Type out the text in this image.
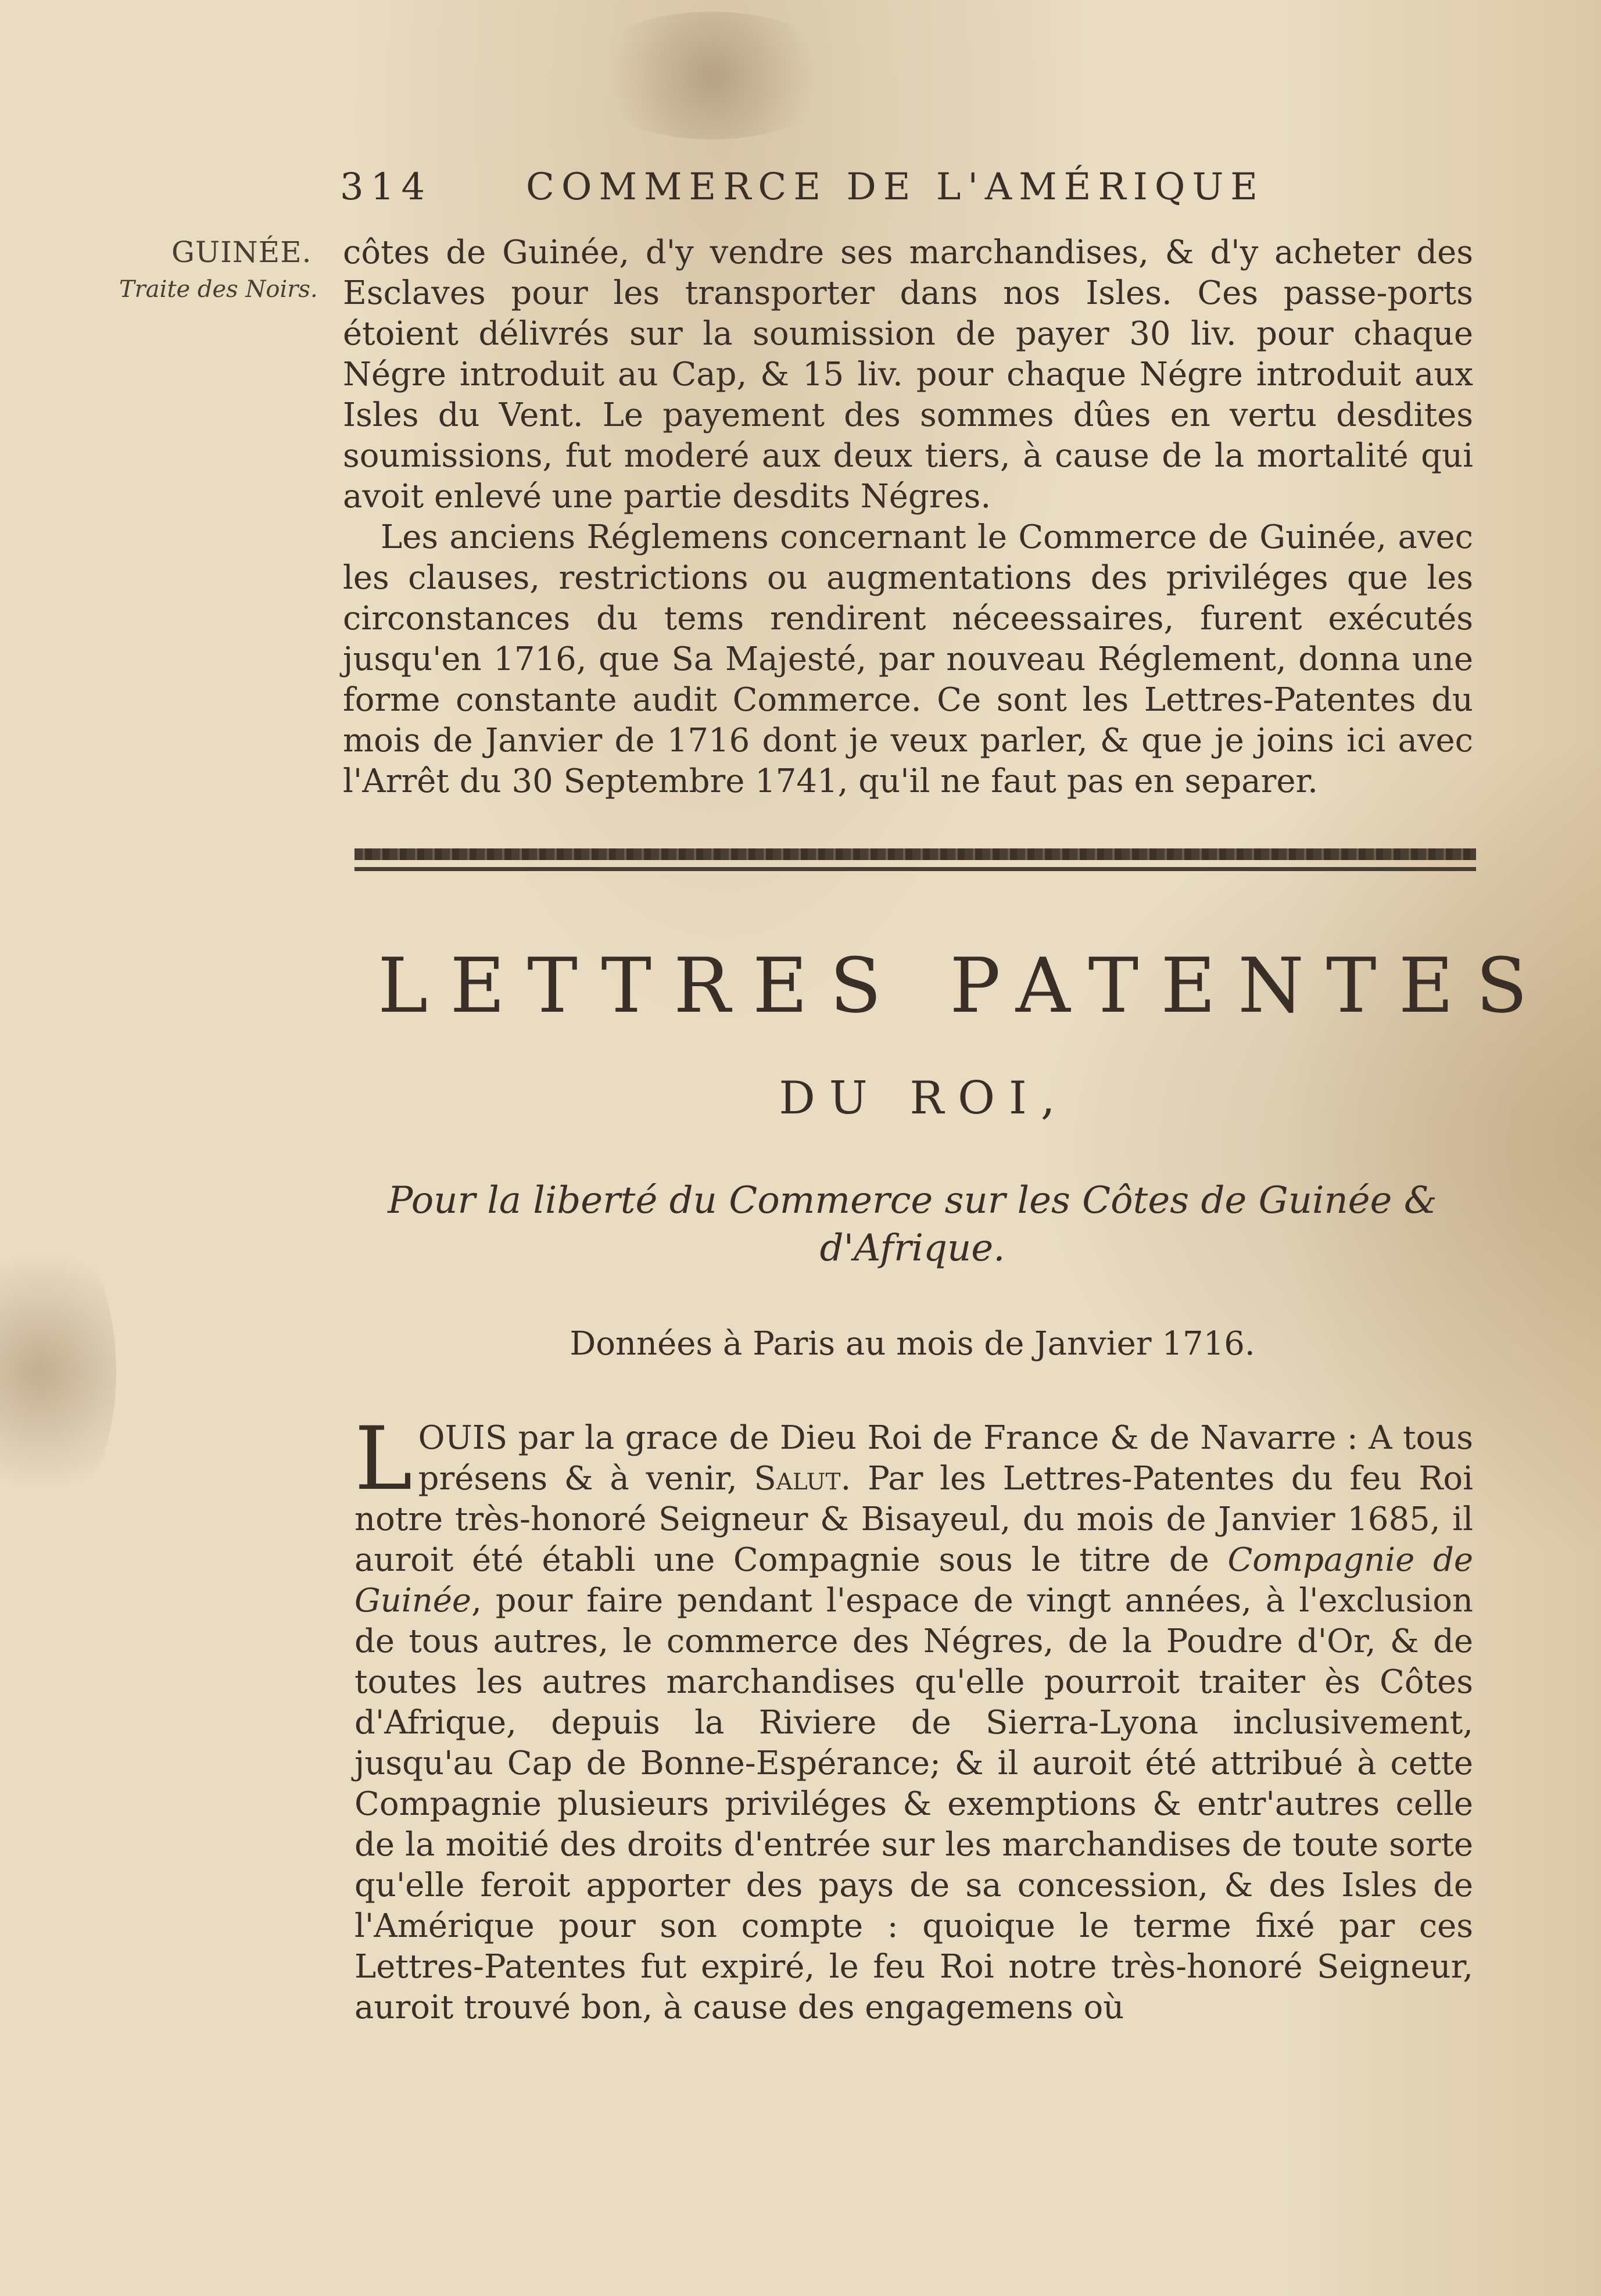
314	COMMERCE DE L'AMÉRIQUE
GUINÉE.
Traite des Noirs.

côtes de Guinée, d'y vendre ses marchandises, & d'y acheter des Esclaves pour les transporter dans nos Isles. Ces passe-ports étoient délivrés sur la soumission de payer 30 liv. pour chaque Négre introduit au Cap, & 15 liv. pour chaque Négre introduit aux Isles du Vent. Le payement des sommes dûes en vertu desdites soumissions, fut moderé aux deux tiers, à cause de la mortalité qui avoit enlevé une partie desdits Négres.

Les anciens Réglemens concernant le Commerce de Guinée, avec les clauses, restrictions ou augmentations des priviléges que les circonstances du tems rendirent néceessaires, furent exécutés jusqu'en 1716, que Sa Majesté, par nouveau Réglement, donna une forme constante audit Commerce. Ce sont les Lettres-Patentes du mois de Janvier de 1716 dont je veux parler, & que je joins ici avec l'Arrêt du 30 Septembre 1741, qu'il ne faut pas en separer.

LETTRES PATENTES
DU ROI,

Pour la liberté du Commerce sur les Côtes de Guinée & d'Afrique.

Données à Paris au mois de Janvier 1716.

LOUIS par la grace de Dieu Roi de France & de Navarre : A tous présens & à venir, Salut. Par les Lettres-Patentes du feu Roi notre très-honoré Seigneur & Bisayeul, du mois de Janvier 1685, il auroit été établi une Compagnie sous le titre de Compagnie de Guinée, pour faire pendant l'espace de vingt années, à l'exclusion de tous autres, le commerce des Négres, de la Poudre d'Or, & de toutes les autres marchandises qu'elle pourroit traiter ès Côtes d'Afrique, depuis la Riviere de Sierra-Lyona inclusivement, jusqu'au Cap de Bonne-Espérance; & il auroit été attribué à cette Compagnie plusieurs priviléges & exemptions & entr'autres celle de la moitié des droits d'entrée sur les marchandises de toute sorte qu'elle feroit apporter des pays de sa concession, & des Isles de l'Amérique pour son compte : quoique le terme fixé par ces Lettres-Patentes fut expiré, le feu Roi notre très-honoré Seigneur, auroit trouvé bon, à cause des engagemens où
